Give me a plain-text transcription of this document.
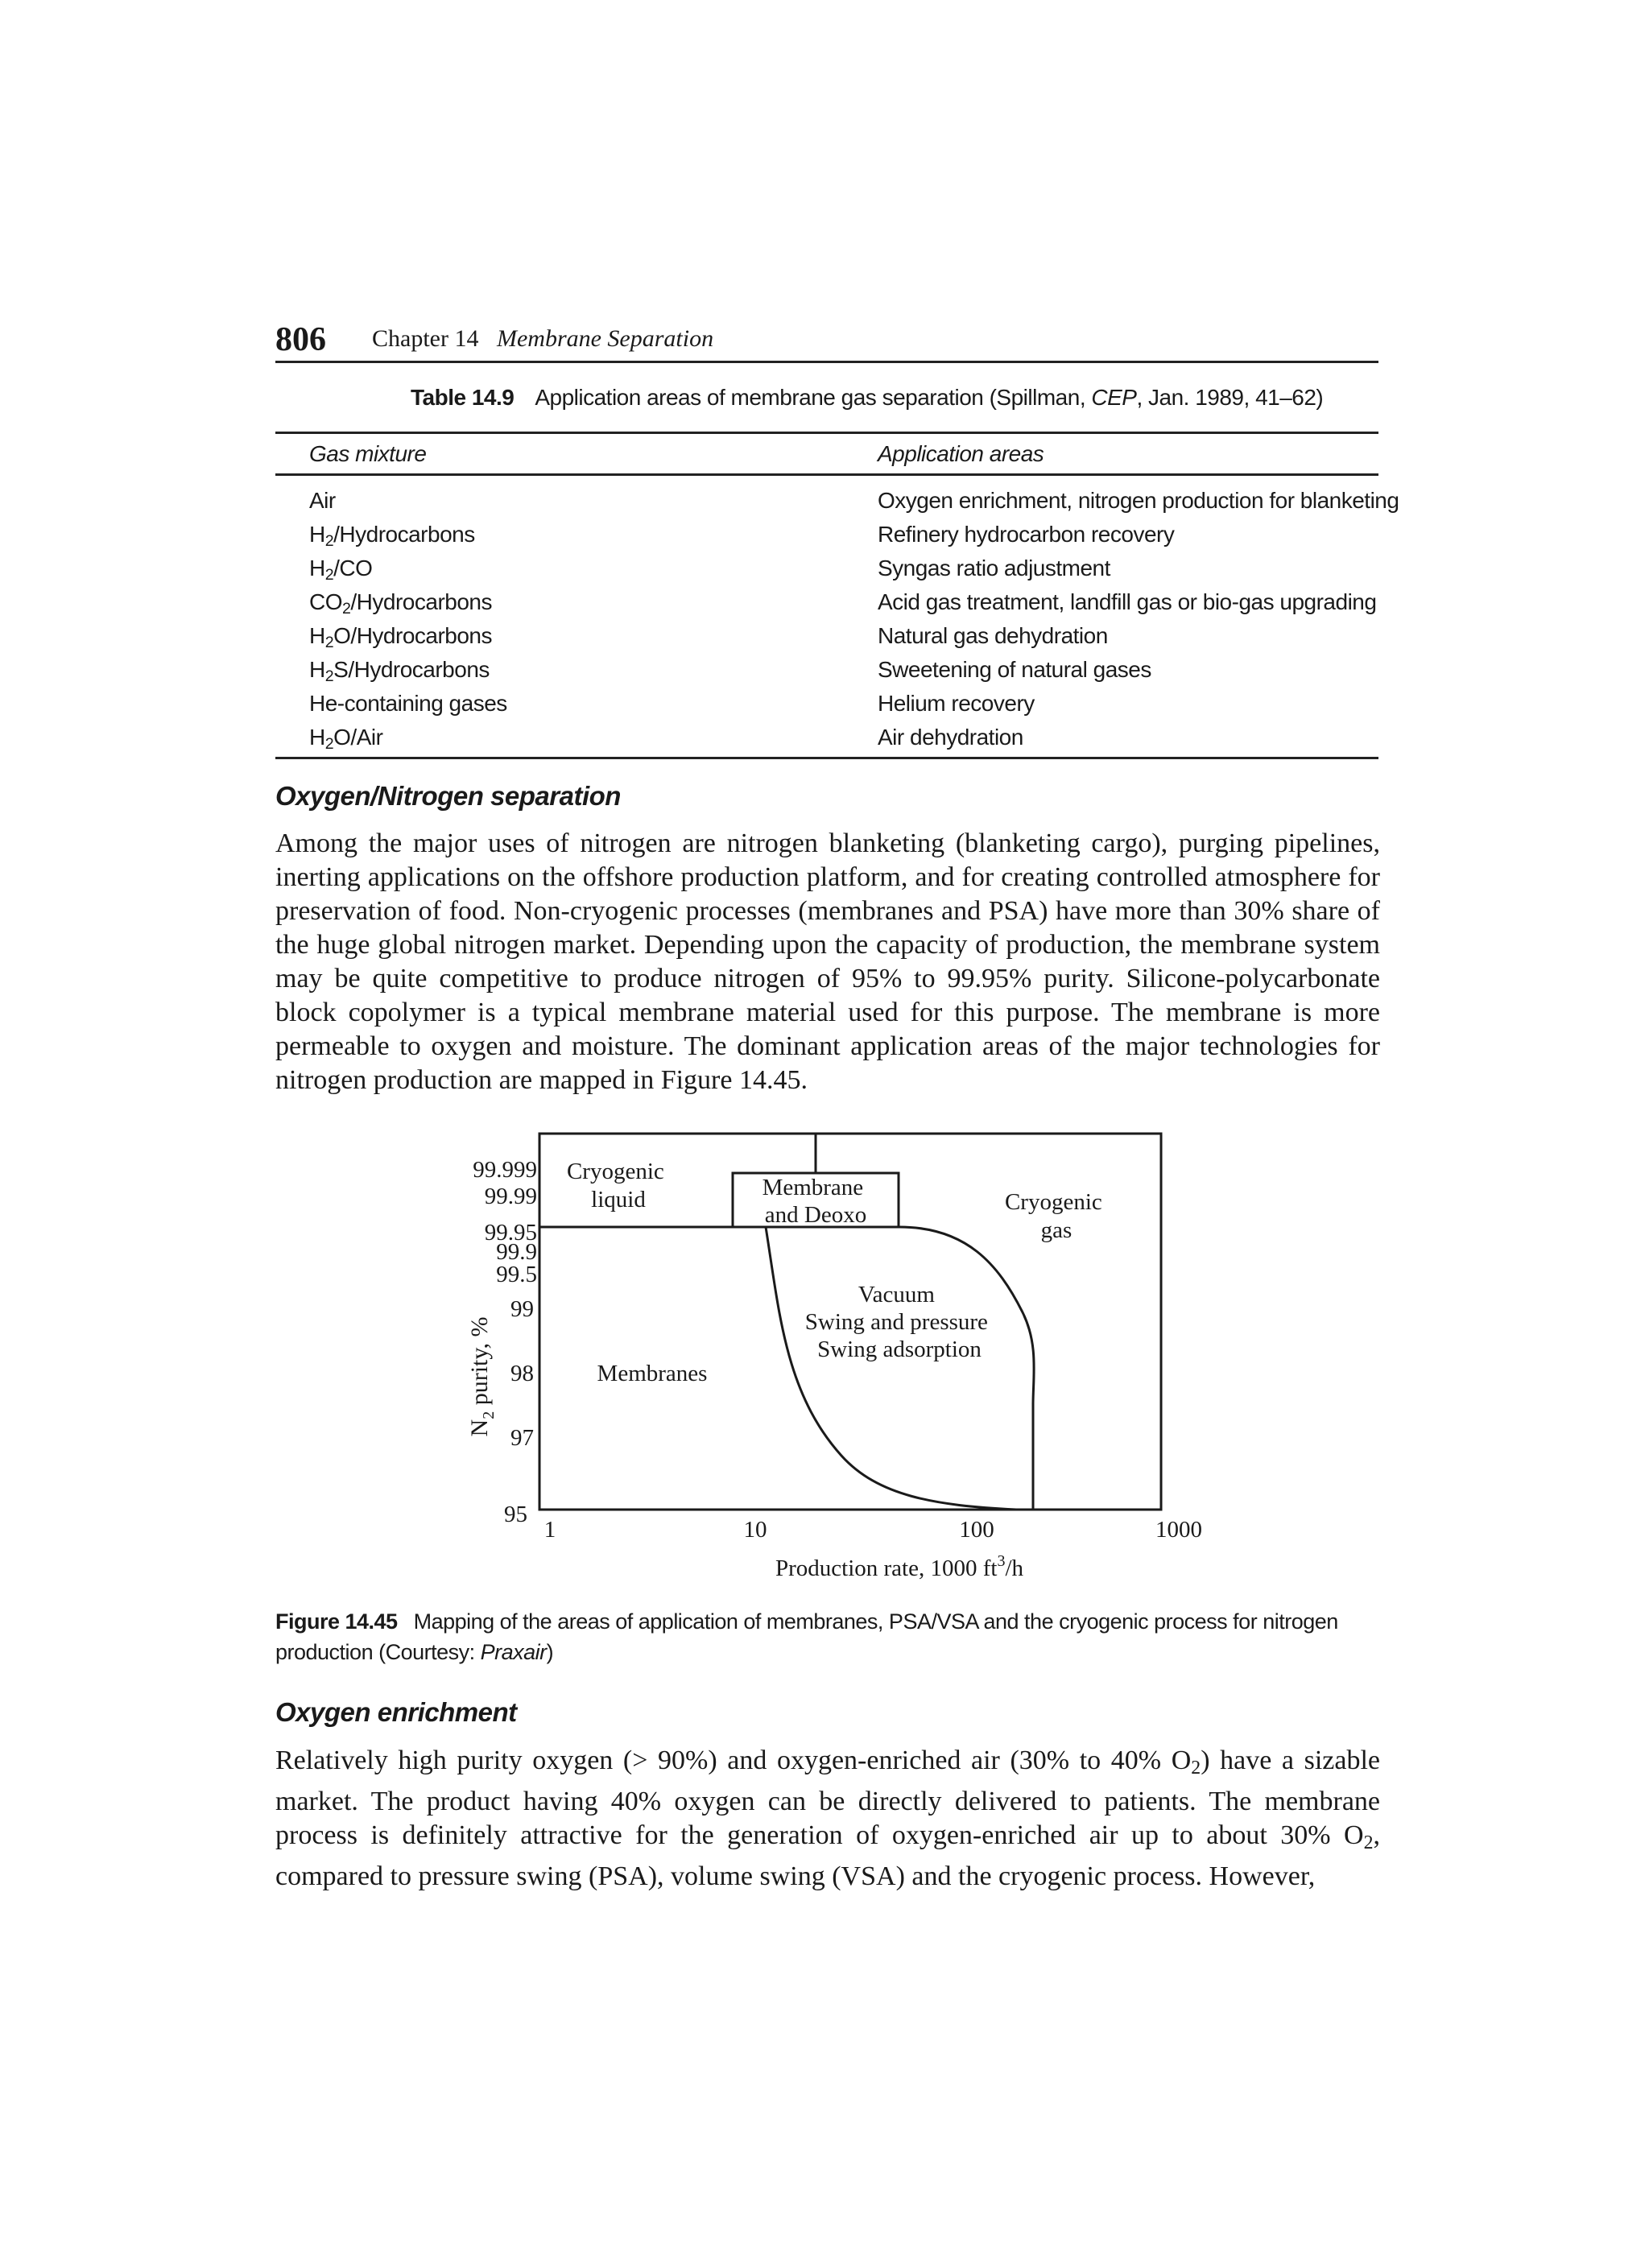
806 Chapter 14 Membrane Separation
Table 14.9 Application areas of membrane gas separation (Spillman, CEP, Jan. 1989, 41–62)
Gas mixture	Application areas
Air	Oxygen enrichment, nitrogen production for blanketing
$H_2$/Hydrocarbons	Refinery hydrocarbon recovery
$H_2/CO$	Syngas ratio adjustment
$CO_2$/Hydrocarbons	Acid gas treatment, landfill gas or bio-gas upgrading
$H_2O$/Hydrocarbons	Natural gas dehydration
$H_2S$/Hydrocarbons	Sweetening of natural gases
He-containing gases	Helium recovery
$H_2O$/Air	Air dehydration
Oxygen/Nitrogen separation
Among the major uses of nitrogen are nitrogen blanketing (blanketing cargo), purging pipelines, inerting applications on the offshore production platform, and for creating controlled atmosphere for preservation of food. Non-cryogenic processes (membranes and PSA) have more than 30% share of the huge global nitrogen market. Depending upon the capacity of production, the membrane system may be quite competitive to produce nitrogen of 95% to 99.95% purity. Silicone-polycarbonate block copolymer is a typical membrane material used for this purpose. The membrane is more permeable to oxygen and moisture. The dominant application areas of the major technologies for nitrogen production are mapped in Figure 14.45.
Cryogenic liquid	Membrane and Deoxo	Cryogenic gas
Vacuum Swing and pressure Swing adsorption
Membranes
99.999
99.99
99.95
99.9
99.5
99
98
97
95
1	10	100	1000
Production rate, 1000 $ft^3/h$
$N_2$ purity, %
Figure 14.45 Mapping of the areas of application of membranes, PSA/VSA and the cryogenic process for nitrogen production (Courtesy: Praxair)
Oxygen enrichment
Relatively high purity oxygen (> 90%) and oxygen-enriched air (30% to 40% $O_2$) have a sizable market. The product having 40% oxygen can be directly delivered to patients. The membrane process is definitely attractive for the generation of oxygen-enriched air up to about 30% $O_2$, compared to pressure swing (PSA), volume swing (VSA) and the cryogenic process. However,
